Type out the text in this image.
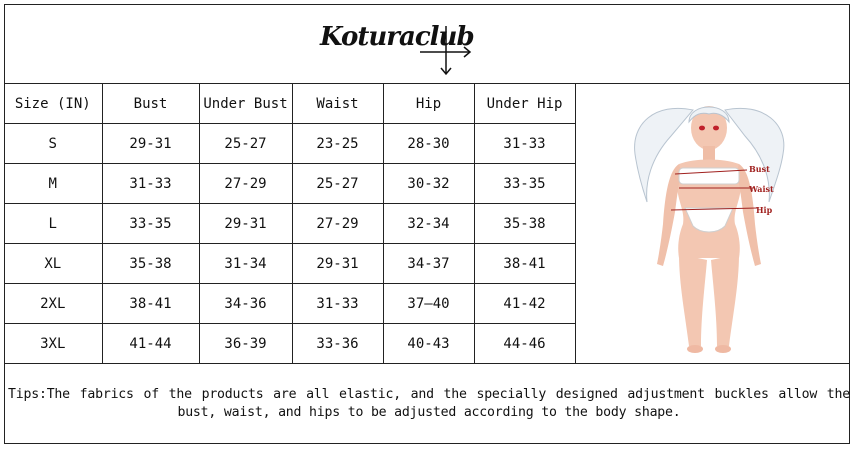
Koturaclub
Size (IN)	Bust	Under Bust	Waist	Hip	Under Hip
S	29-31	25-27	23-25	28-30	31-33
M	31-33	27-29	25-27	30-32	33-35
L	33-35	29-31	27-29	32-34	35-38
XL	35-38	31-34	29-31	34-37	38-41
2XL	38-41	34-36	31-33	37—40	41-42
3XL	41-44	36-39	33-36	40-43	44-46
Bust
Waist
Hip

Tips:The fabrics of the products are all elastic, and the specially designed adjustment buckles allow the bust, waist, and hips to be adjusted according to the body shape.
